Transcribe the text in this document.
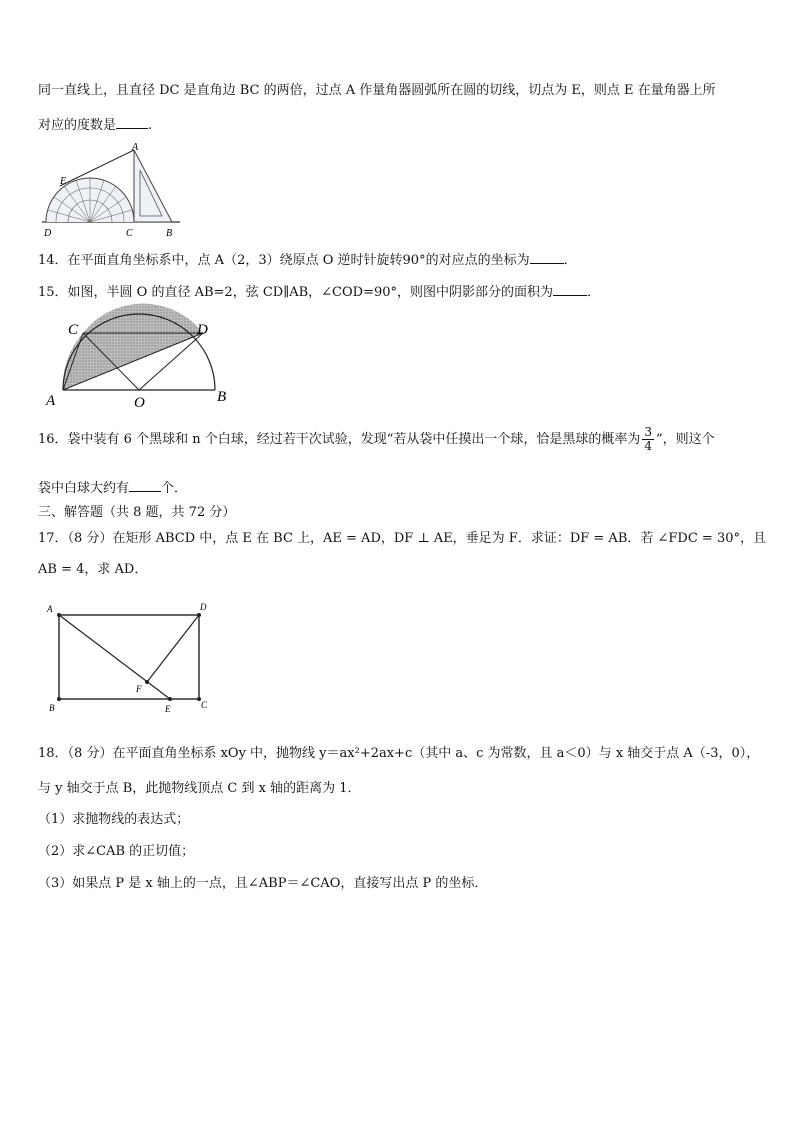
同一直线上，且直径 DC 是直角边 BC 的两倍，过点 A 作量角器圆弧所在圆的切线，切点为 E，则点 E 在量角器上所
对应的度数是 .
A
E
D	C	B
14．在平面直角坐标系中，点 A（2，3）绕原点 O 逆时针旋转90°的对应点的坐标为	．
15．如图，半圆 O 的直径 AB=2，弦 CD∥AB，∠COD=90°，则图中阴影部分的面积为	．
C	D
A	O	B
16．袋中装有 6 个黑球和 n 个白球，经过若干次试验，发现“若从袋中任摸出一个球，恰是黑球的概率为 $\frac{3}{4}$ ”，则这个
袋中白球大约有 个．
三、解答题（共 8 题，共 72 分）
17．（8 分）在矩形 ABCD 中，点 E 在 BC 上，AE = AD，DF ⊥ AE，垂足为 F．求证：DF = AB．若 ∠FDC = 30°，且
AB = 4，求 AD．
A	D
F
B	E	C
18．（8 分）在平面直角坐标系 xOy 中，抛物线 y＝ax²+2ax+c（其中 a、c 为常数，且 a＜0）与 x 轴交于点 A（-3，0），
与 y 轴交于点 B，此抛物线顶点 C 到 x 轴的距离为 1．
（1）求抛物线的表达式；
（2）求∠CAB 的正切值；
（3）如果点 P 是 x 轴上的一点，且∠ABP＝∠CAO，直接写出点 P 的坐标．
